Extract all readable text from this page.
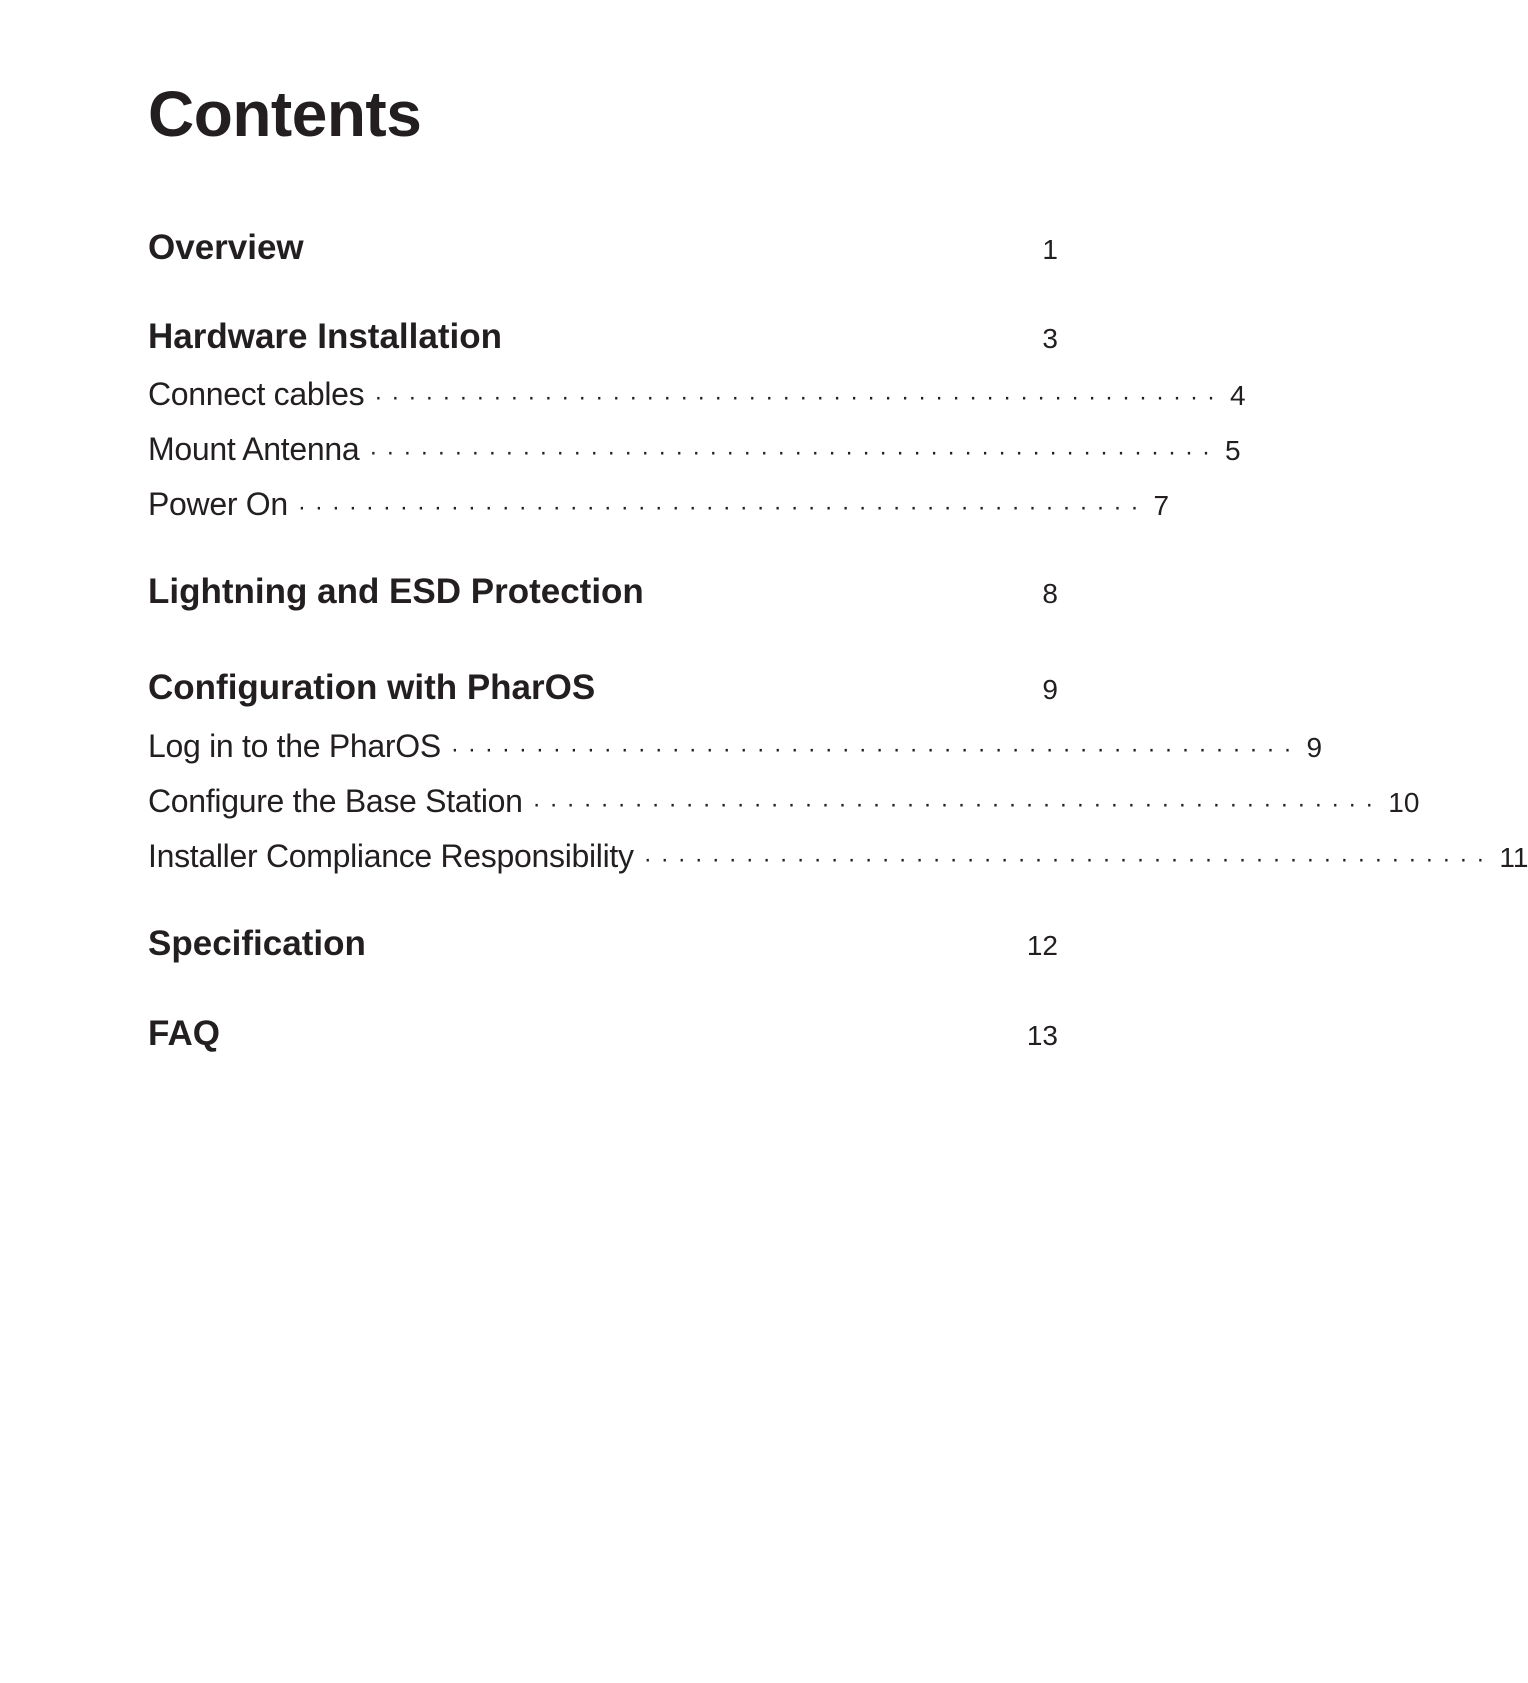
Contents
Overview	1
Hardware Installation	3
Connect cables ·················································· 4
Mount Antenna ·················································· 5
Power On ·················································· 7
Lightning and ESD Protection	8
Configuration with PharOS	9
Log in to the PharOS ·················································· 9
Configure the Base Station ·················································· 10
Installer Compliance Responsibility ·················································· 11
Specification	12
FAQ	13
